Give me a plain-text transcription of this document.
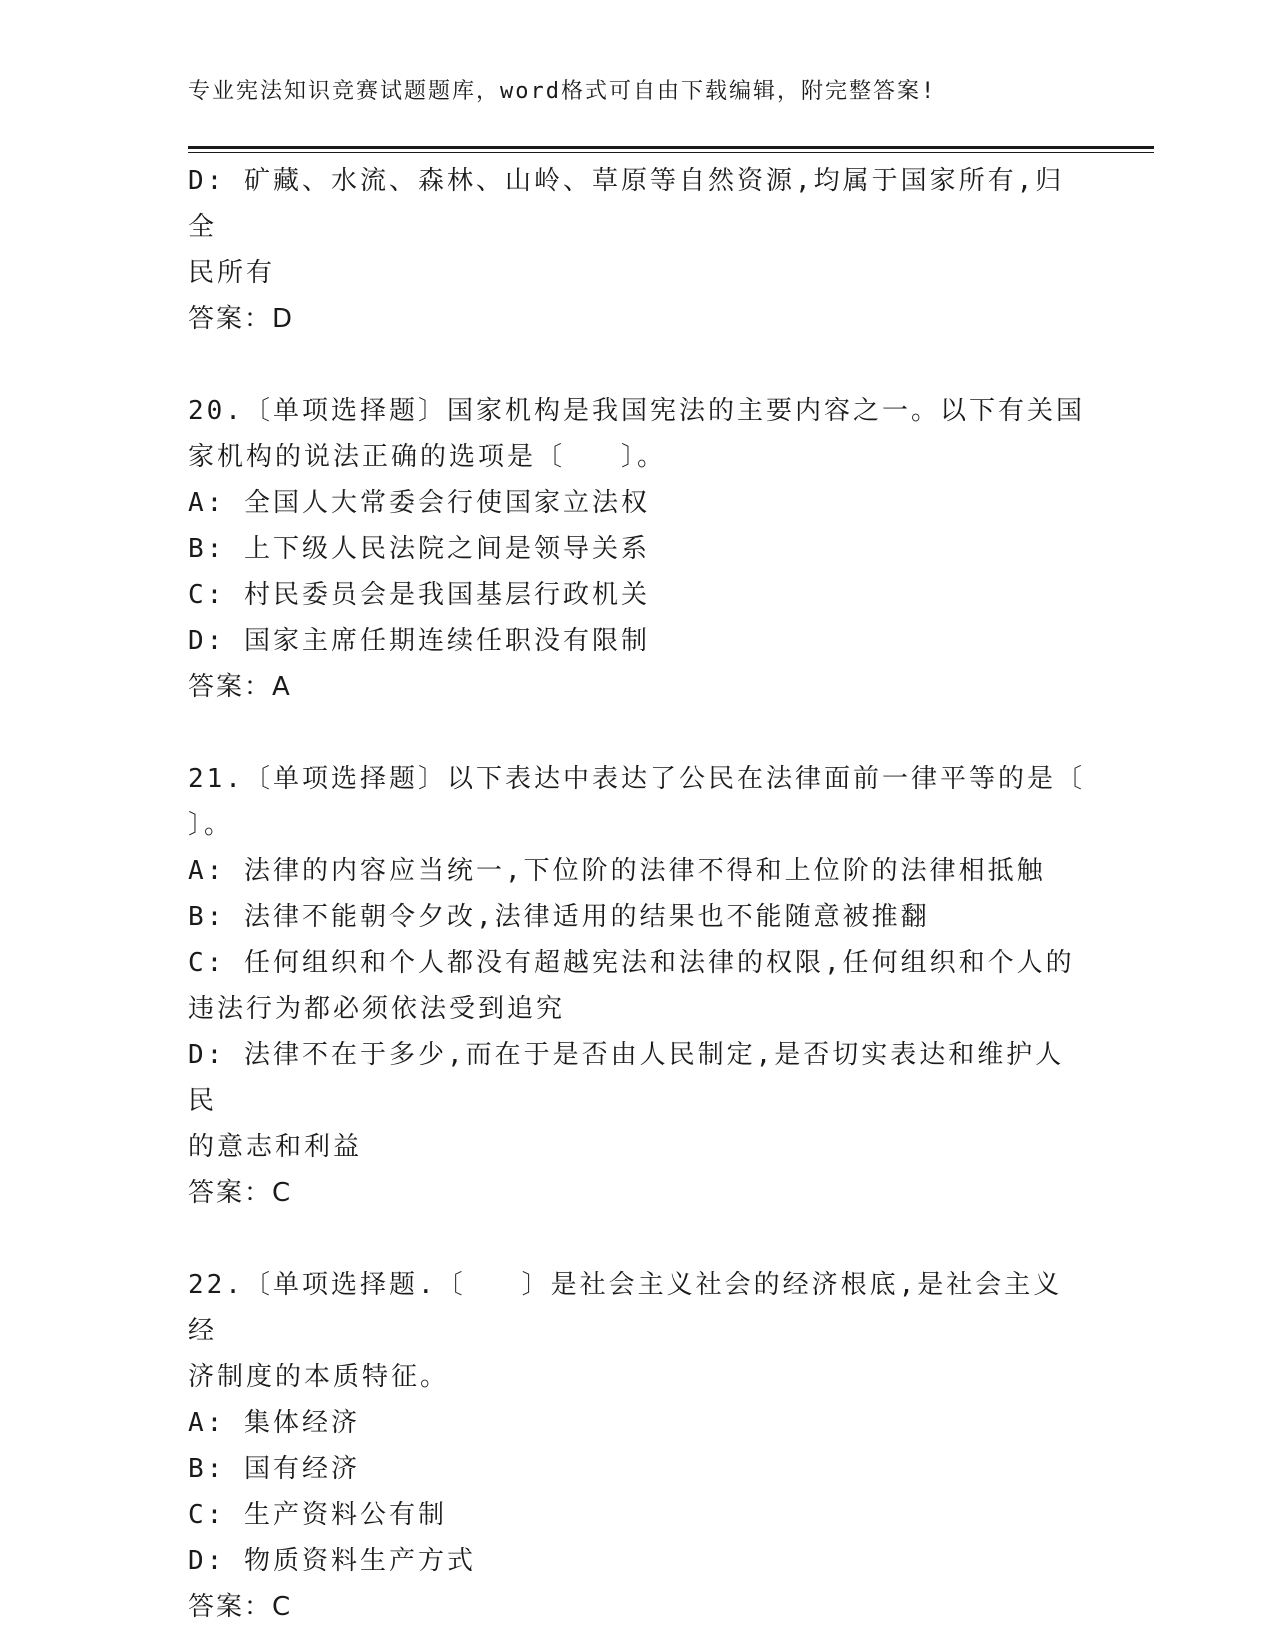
专业宪法知识竞赛试题题库，word格式可自由下载编辑，附完整答案!
D: 矿藏、水流、森林、山岭、草原等自然资源,均属于国家所有,归全
民所有
答案：D
20.〔单项选择题〕国家机构是我国宪法的主要内容之一。以下有关国
家机构的说法正确的选项是〔   〕。
A: 全国人大常委会行使国家立法权
B: 上下级人民法院之间是领导关系
C: 村民委员会是我国基层行政机关
D: 国家主席任期连续任职没有限制
答案：A
21.〔单项选择题〕以下表达中表达了公民在法律面前一律平等的是〔
〕。
A: 法律的内容应当统一,下位阶的法律不得和上位阶的法律相抵触
B: 法律不能朝令夕改,法律适用的结果也不能随意被推翻
C: 任何组织和个人都没有超越宪法和法律的权限,任何组织和个人的
违法行为都必须依法受到追究
D: 法律不在于多少,而在于是否由人民制定,是否切实表达和维护人民
的意志和利益
答案：C
22.〔单项选择题.〔   〕是社会主义社会的经济根底,是社会主义经
济制度的本质特征。
A: 集体经济
B: 国有经济
C: 生产资料公有制
D: 物质资料生产方式
答案：C
